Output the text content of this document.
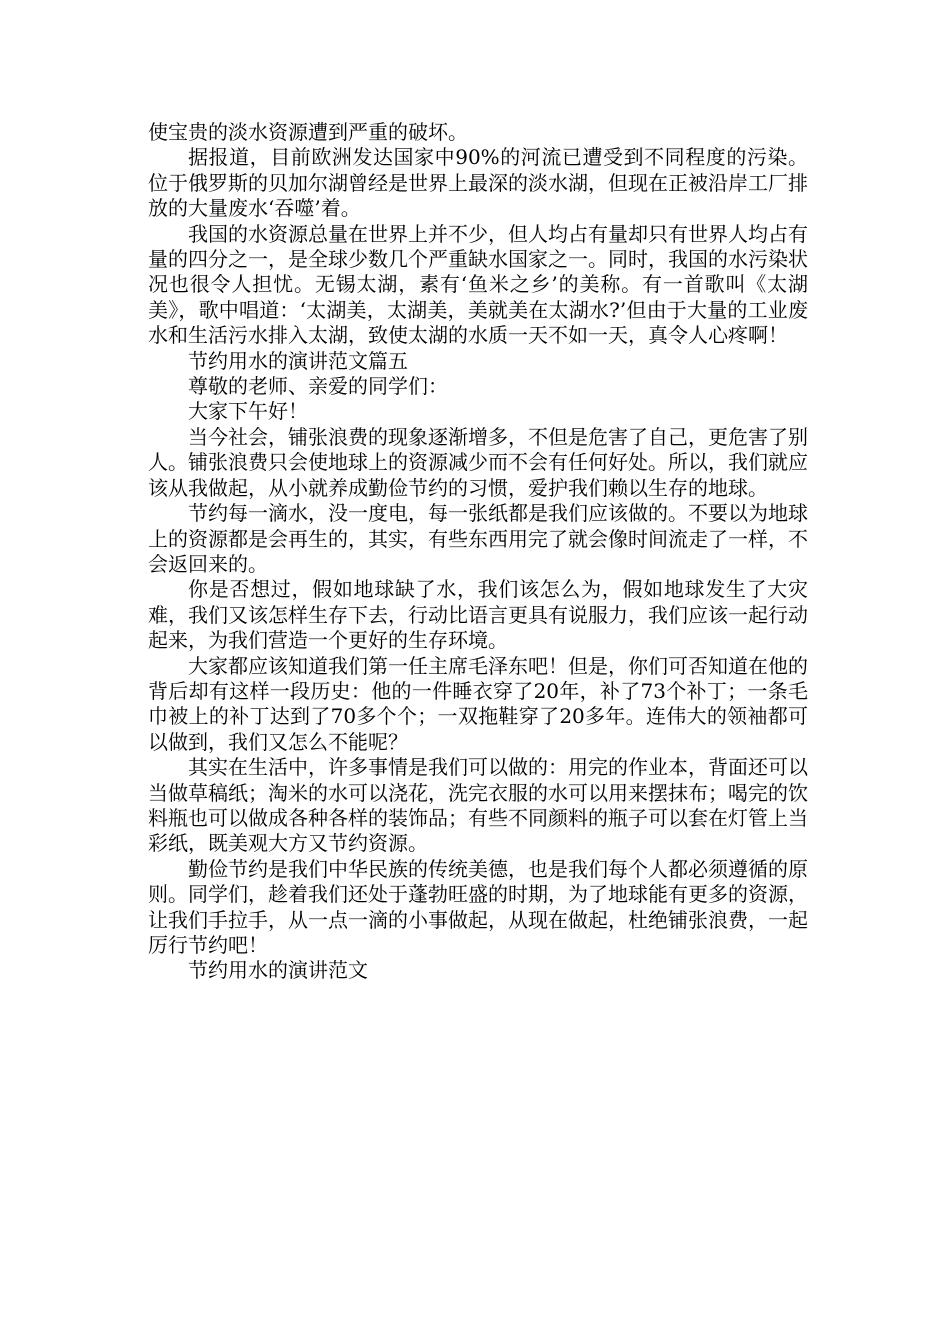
使宝贵的淡水资源遭到严重的破坏。

据报道，目前欧洲发达国家中90%的河流已遭受到不同程度的污染。位于俄罗斯的贝加尔湖曾经是世界上最深的淡水湖，但现在正被沿岸工厂排放的大量废水‘吞噬’着。

我国的水资源总量在世界上并不少，但人均占有量却只有世界人均占有量的四分之一，是全球少数几个严重缺水国家之一。同时，我国的水污染状况也很令人担忧。无锡太湖，素有‘鱼米之乡’的美称。有一首歌叫《太湖美》，歌中唱道：‘太湖美，太湖美，美就美在太湖水?’但由于大量的工业废水和生活污水排入太湖，致使太湖的水质一天不如一天，真令人心疼啊！

节约用水的演讲范文篇五

尊敬的老师、亲爱的同学们：

大家下午好！

当今社会，铺张浪费的现象逐渐增多，不但是危害了自己，更危害了别人。铺张浪费只会使地球上的资源减少而不会有任何好处。所以，我们就应该从我做起，从小就养成勤俭节约的习惯，爱护我们赖以生存的地球。

节约每一滴水，没一度电，每一张纸都是我们应该做的。不要以为地球上的资源都是会再生的，其实，有些东西用完了就会像时间流走了一样，不会返回来的。

你是否想过，假如地球缺了水，我们该怎么为，假如地球发生了大灾难，我们又该怎样生存下去，行动比语言更具有说服力，我们应该一起行动起来，为我们营造一个更好的生存环境。

大家都应该知道我们第一任主席毛泽东吧！但是，你们可否知道在他的背后却有这样一段历史：他的一件睡衣穿了20年，补了73个补丁；一条毛巾被上的补丁达到了70多个个；一双拖鞋穿了20多年。连伟大的领袖都可以做到，我们又怎么不能呢？

其实在生活中，许多事情是我们可以做的：用完的作业本，背面还可以当做草稿纸；淘米的水可以浇花，洗完衣服的水可以用来摆抹布；喝完的饮料瓶也可以做成各种各样的装饰品；有些不同颜料的瓶子可以套在灯管上当彩纸，既美观大方又节约资源。

勤俭节约是我们中华民族的传统美德，也是我们每个人都必须遵循的原则。同学们，趁着我们还处于蓬勃旺盛的时期，为了地球能有更多的资源，让我们手拉手，从一点一滴的小事做起，从现在做起，杜绝铺张浪费，一起厉行节约吧！

节约用水的演讲范文
